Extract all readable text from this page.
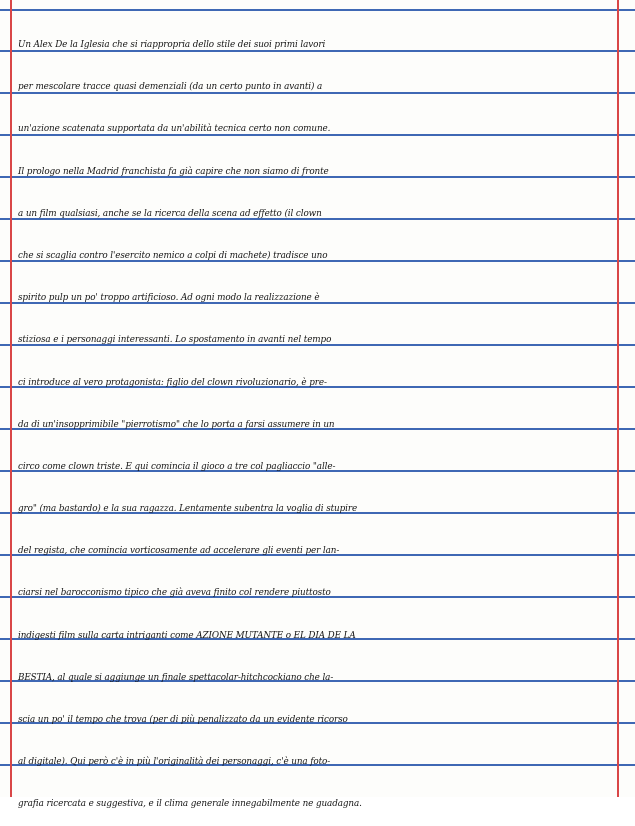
Un Alex De la Iglesia che si riappropria dello stile dei suoi primi lavori
per mescolare tracce quasi demenziali (da un certo punto in avanti) a
un'azione scatenata supportata da un'abilità tecnica certo non comune.
Il prologo nella Madrid franchista fa già capire che non siamo di fronte
a un film qualsiasi, anche se la ricerca della scena ad effetto (il clown
che si scaglia contro l'esercito nemico a colpi di machete) tradisce uno
spirito pulp un po' troppo artificioso. Ad ogni modo la realizzazione è
stiziosa e i personaggi interessanti. Lo spostamento in avanti nel tempo
ci introduce al vero protagonista: figlio del clown rivoluzionario, è pre-
da di un'insopprimibile "pierrotismo" che lo porta a farsi assumere in un
circo come clown triste. E qui comincia il gioco a tre col pagliaccio "alle-
gro" (ma bastardo) e la sua ragazza. Lentamente subentra la voglia di stupire
del regista, che comincia vorticosamente ad accelerare gli eventi per lan-
ciarsi nel barocconismo tipico che già aveva finito col rendere piuttosto
indigesti film sulla carta intriganti come AZIONE MUTANTE o EL DIA DE LA
BESTIA, al quale si aggiunge un finale spettacolar-hitchcockiano che la-
scia un po' il tempo che trova (per di più penalizzato da un evidente ricorso
al digitale). Qui però c'è in più l'originalità dei personaggi, c'è una foto-
grafia ricercata e suggestiva, e il clima generale innegabilmente ne guadagna.
